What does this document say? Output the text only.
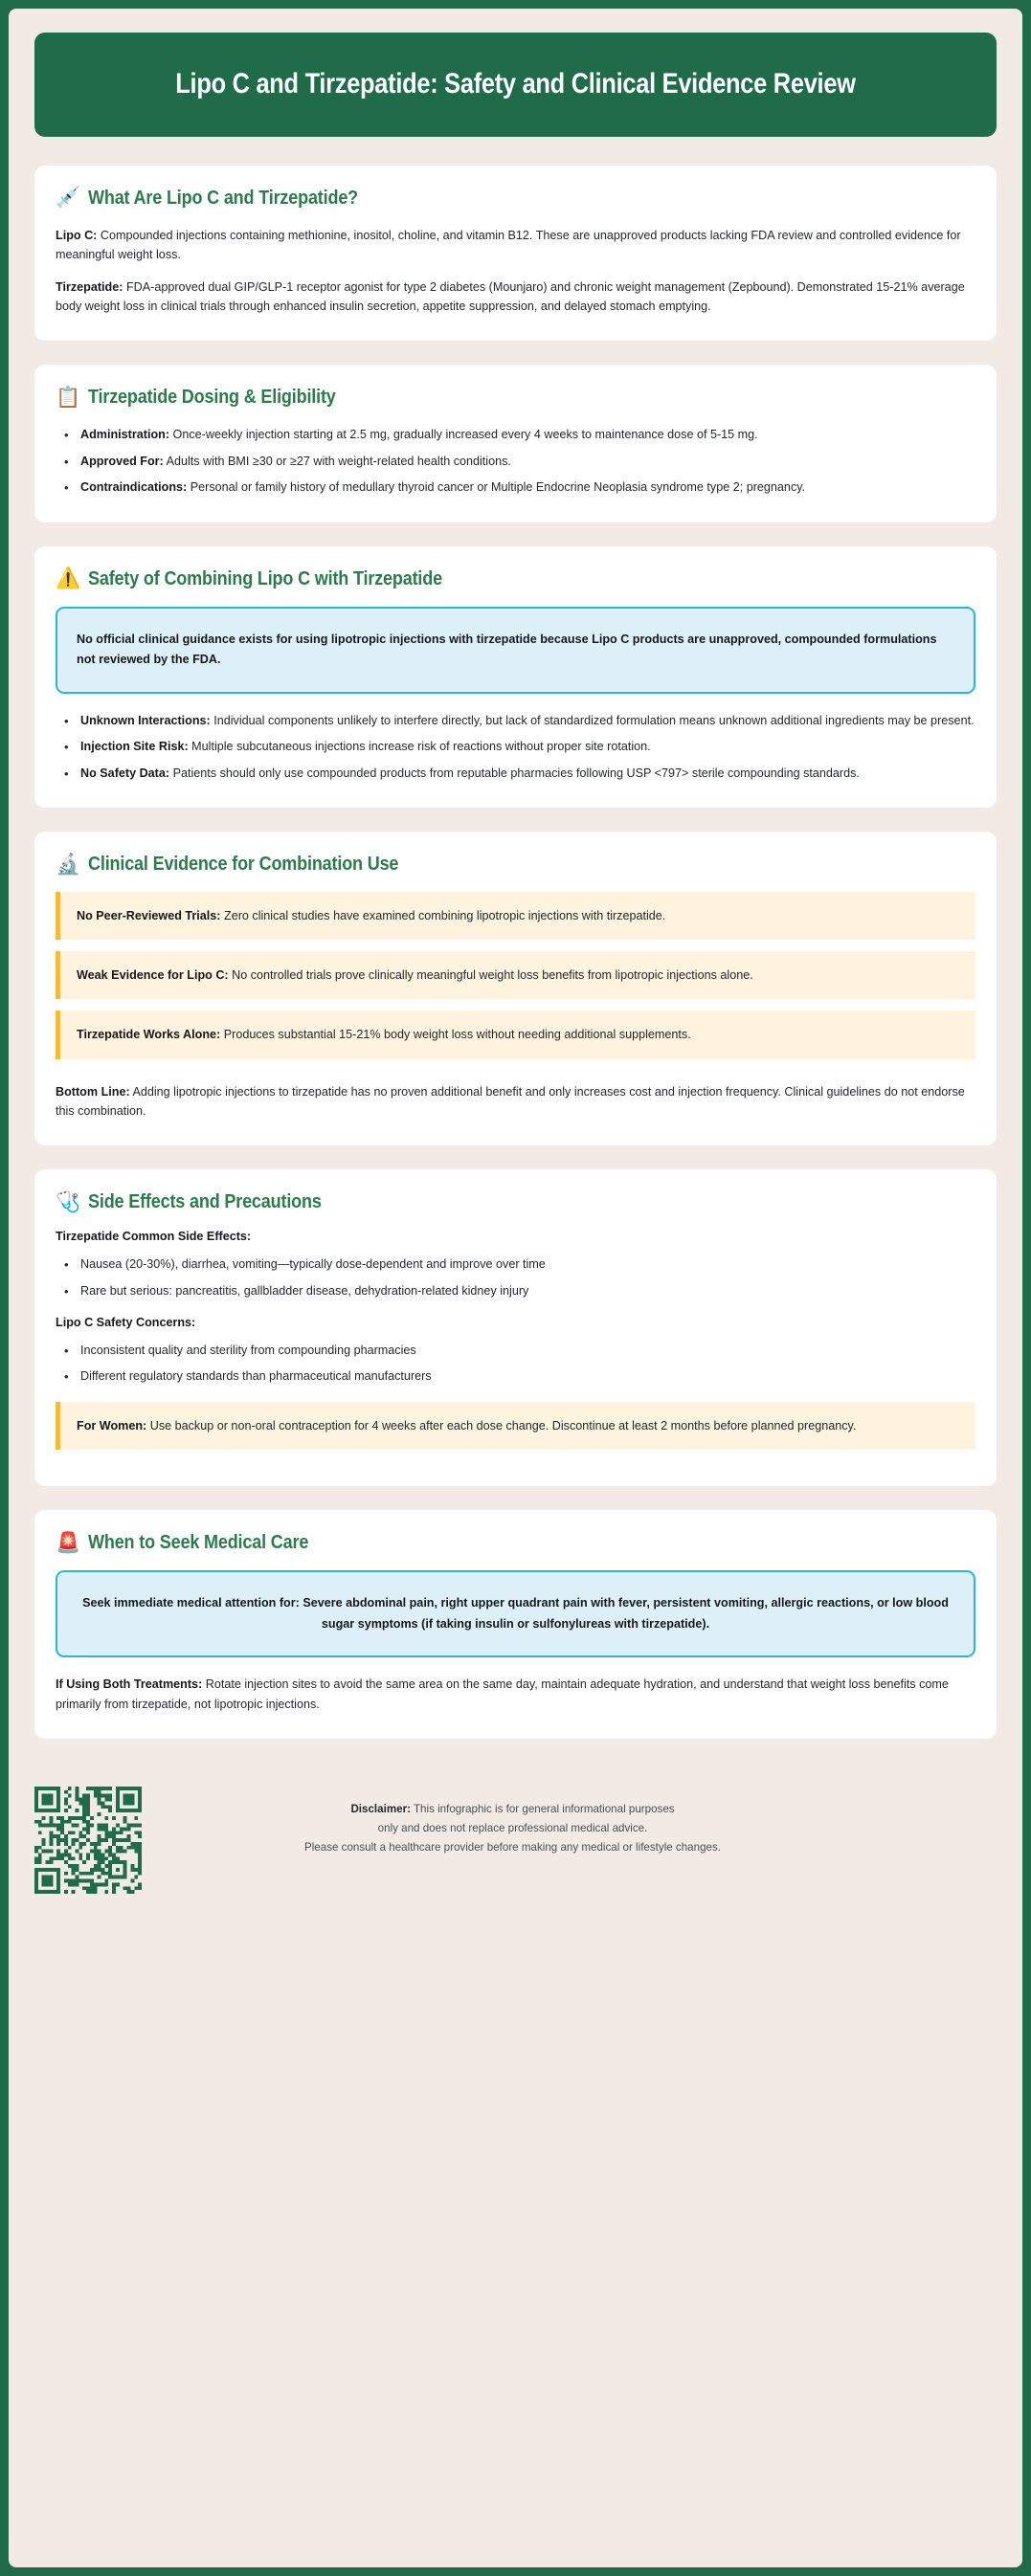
Lipo C and Tirzepatide: Safety and Clinical Evidence Review
💉 What Are Lipo C and Tirzepatide?

Lipo C: Compounded injections containing methionine, inositol, choline, and vitamin B12. These are unapproved products lacking FDA review and controlled evidence for meaningful weight loss.

Tirzepatide: FDA-approved dual GIP/GLP-1 receptor agonist for type 2 diabetes (Mounjaro) and chronic weight management (Zepbound). Demonstrated 15-21% average body weight loss in clinical trials through enhanced insulin secretion, appetite suppression, and delayed stomach emptying.

📋 Tirzepatide Dosing & Eligibility
• Administration: Once-weekly injection starting at 2.5 mg, gradually increased every 4 weeks to maintenance dose of 5-15 mg.
• Approved For: Adults with BMI ≥30 or ≥27 with weight-related health conditions.
• Contraindications: Personal or family history of medullary thyroid cancer or Multiple Endocrine Neoplasia syndrome type 2; pregnancy.
⚠️ Safety of Combining Lipo C with Tirzepatide
No official clinical guidance exists for using lipotropic injections with tirzepatide because Lipo C products are unapproved, compounded formulations not reviewed by the FDA.
• Unknown Interactions: Individual components unlikely to interfere directly, but lack of standardized formulation means unknown additional ingredients may be present.
• Injection Site Risk: Multiple subcutaneous injections increase risk of reactions without proper site rotation.
• No Safety Data: Patients should only use compounded products from reputable pharmacies following USP <797> sterile compounding standards.
🔬 Clinical Evidence for Combination Use
No Peer-Reviewed Trials: Zero clinical studies have examined combining lipotropic injections with tirzepatide.
Weak Evidence for Lipo C: No controlled trials prove clinically meaningful weight loss benefits from lipotropic injections alone.
Tirzepatide Works Alone: Produces substantial 15-21% body weight loss without needing additional supplements.

Bottom Line: Adding lipotropic injections to tirzepatide has no proven additional benefit and only increases cost and injection frequency. Clinical guidelines do not endorse this combination.

🩺 Side Effects and Precautions
Tirzepatide Common Side Effects:
• Nausea (20-30%), diarrhea, vomiting—typically dose-dependent and improve over time
• Rare but serious: pancreatitis, gallbladder disease, dehydration-related kidney injury
Lipo C Safety Concerns:
• Inconsistent quality and sterility from compounding pharmacies
• Different regulatory standards than pharmaceutical manufacturers
For Women: Use backup or non-oral contraception for 4 weeks after each dose change. Discontinue at least 2 months before planned pregnancy.
🚨 When to Seek Medical Care
Seek immediate medical attention for: Severe abdominal pain, right upper quadrant pain with fever, persistent vomiting, allergic reactions, or low blood sugar symptoms (if taking insulin or sulfonylureas with tirzepatide).

If Using Both Treatments: Rotate injection sites to avoid the same area on the same day, maintain adequate hydration, and understand that weight loss benefits come primarily from tirzepatide, not lipotropic injections.

Disclaimer: This infographic is for general informational purposes
only and does not replace professional medical advice.
Please consult a healthcare provider before making any medical or lifestyle changes.
